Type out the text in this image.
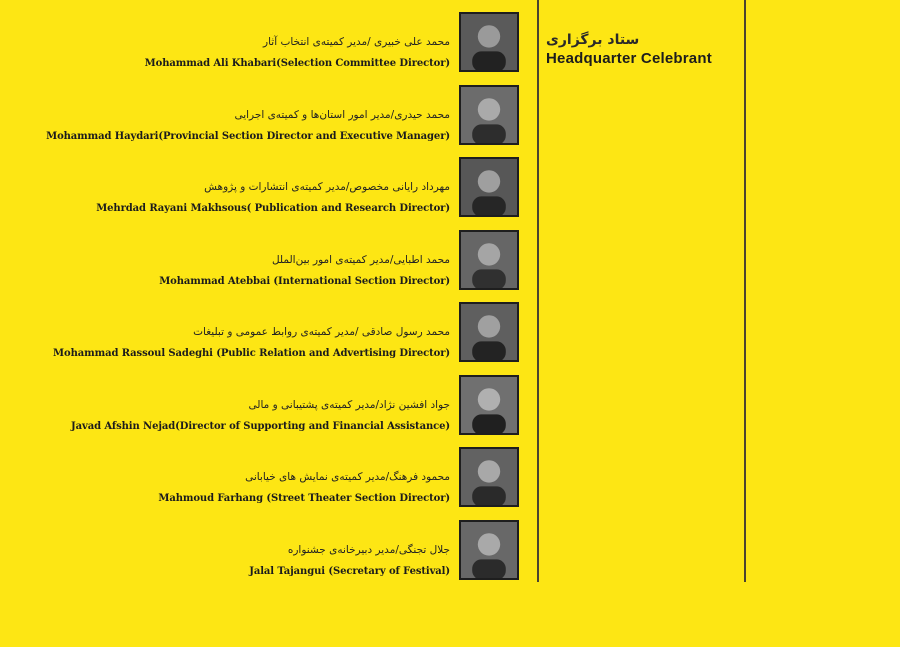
ستاد برگزاری
Headquarter Celebrant
محمد علی خبیری /مدیر کمیته‌ی انتخاب آثار
Mohammad Ali Khabari(Selection Committee Director)
محمد حیدری/مدیر امور استان‌ها و کمیته‌ی اجرایی
Mohammad Haydari(Provincial Section Director and Executive Manager)
مهرداد رایانی مخصوص/مدیر کمیته‌ی انتشارات و پژوهش
Mehrdad Rayani Makhsous( Publication and Research Director)
محمد اطبایی/مدیر کمیته‌ی امور بین‌الملل
Mohammad Atebbai (International Section Director)
محمد رسول صادقی /مدیر کمیته‌ی روابط عمومی و تبلیغات
Mohammad Rassoul Sadeghi (Public Relation and Advertising Director)
جواد افشین نژاد/مدیر کمیته‌ی پشتیبانی و مالی
Javad Afshin Nejad(Director of Supporting and Financial Assistance)
محمود فرهنگ/مدیر کمیته‌ی نمایش های خیابانی
Mahmoud Farhang (Street Theater Section Director)
جلال تجنگی/مدیر دبیرخانه‌ی جشنواره
Jalal Tajangui (Secretary of Festival)
